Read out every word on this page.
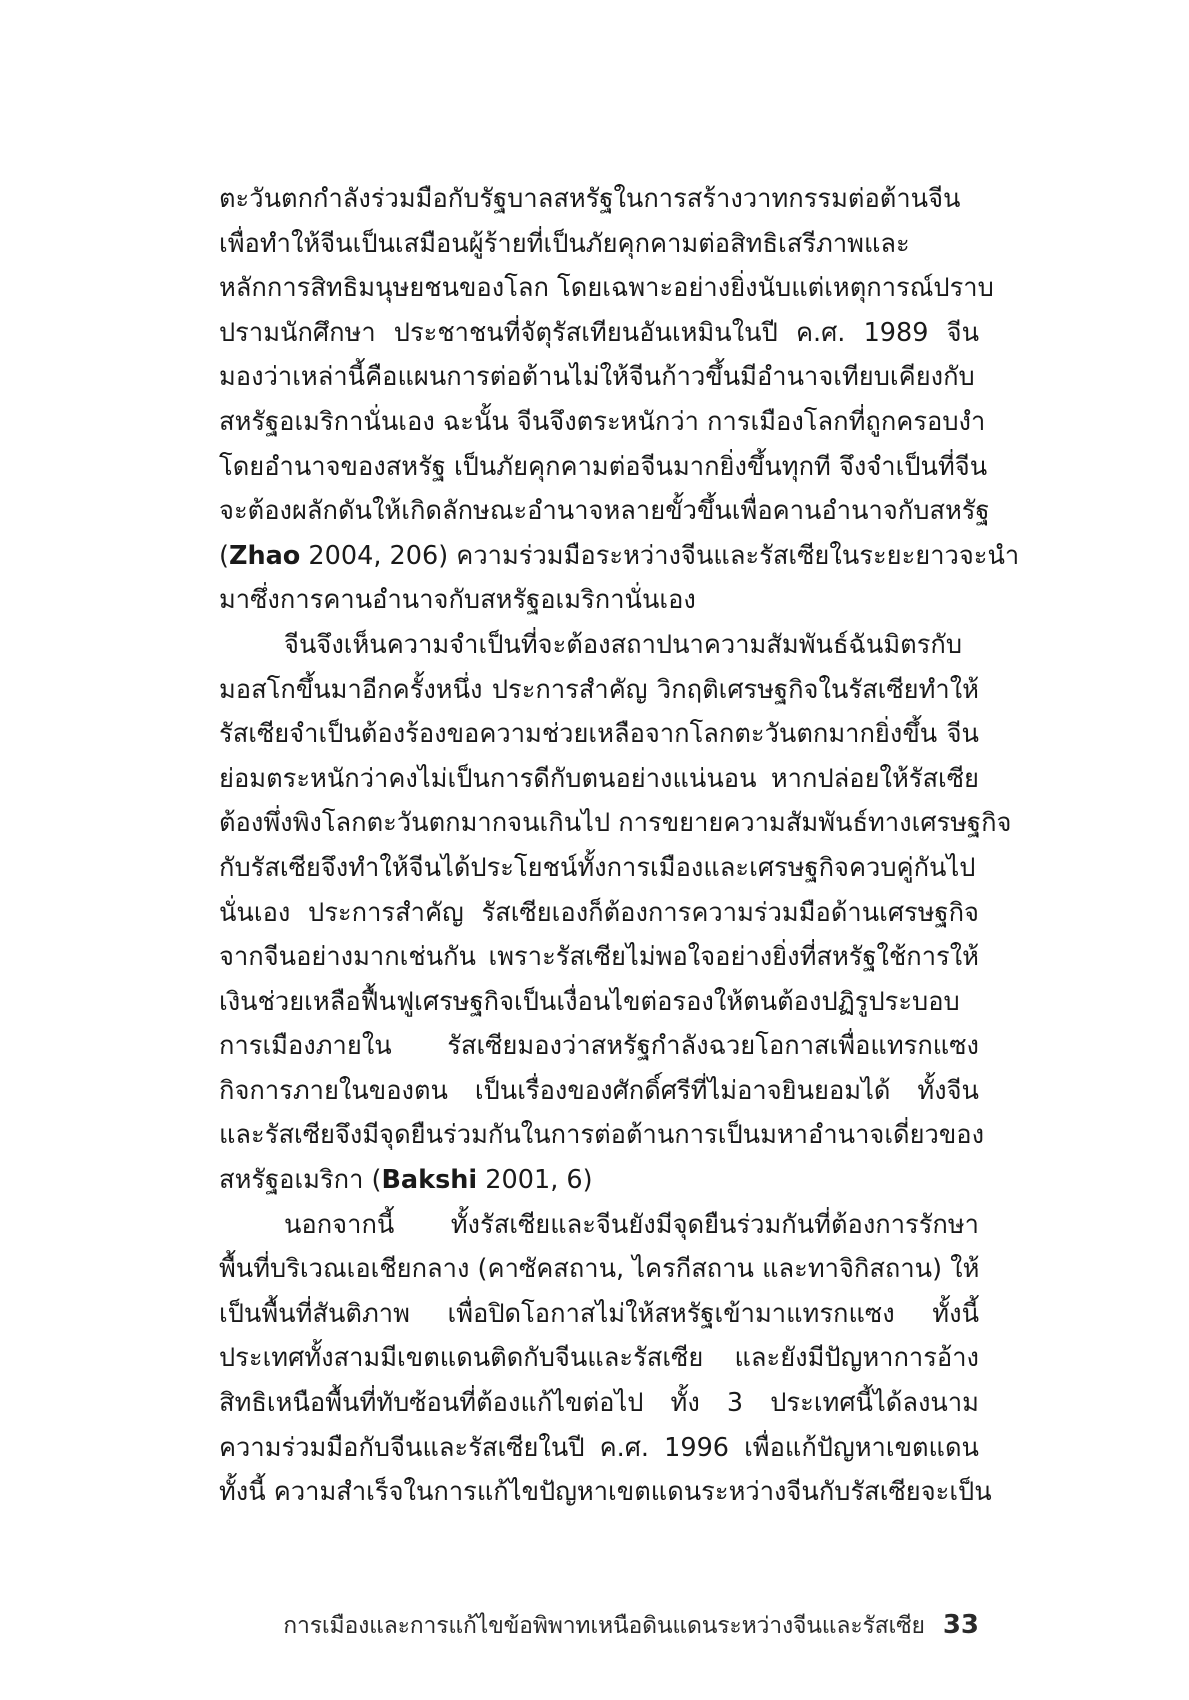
ตะวันตกกำลังร่วมมือกับรัฐบาลสหรัฐในการสร้างวาทกรรมต่อต้านจีน
เพื่อทำให้จีนเป็นเสมือนผู้ร้ายที่เป็นภัยคุกคามต่อสิทธิเสรีภาพและ
หลักการสิทธิมนุษยชนของโลก โดยเฉพาะอย่างยิ่งนับแต่เหตุการณ์ปราบ
ปรามนักศึกษา ประชาชนที่จัตุรัสเทียนอันเหมินในปี ค.ศ. 1989 จีน
มองว่าเหล่านี้คือแผนการต่อต้านไม่ให้จีนก้าวขึ้นมีอำนาจเทียบเคียงกับ
สหรัฐอเมริกานั่นเอง ฉะนั้น จีนจึงตระหนักว่า การเมืองโลกที่ถูกครอบงำ
โดยอำนาจของสหรัฐ เป็นภัยคุกคามต่อจีนมากยิ่งขึ้นทุกที จึงจำเป็นที่จีน
จะต้องผลักดันให้เกิดลักษณะอำนาจหลายขั้วขึ้นเพื่อคานอำนาจกับสหรัฐ
(Zhao 2004, 206) ความร่วมมือระหว่างจีนและรัสเซียในระยะยาวจะนำ
มาซึ่งการคานอำนาจกับสหรัฐอเมริกานั่นเอง
จีนจึงเห็นความจำเป็นที่จะต้องสถาปนาความสัมพันธ์ฉันมิตรกับ
มอสโกขึ้นมาอีกครั้งหนึ่ง ประการสำคัญ วิกฤติเศรษฐกิจในรัสเซียทำให้
รัสเซียจำเป็นต้องร้องขอความช่วยเหลือจากโลกตะวันตกมากยิ่งขึ้น จีน
ย่อมตระหนักว่าคงไม่เป็นการดีกับตนอย่างแน่นอน หากปล่อยให้รัสเซีย
ต้องพึ่งพิงโลกตะวันตกมากจนเกินไป การขยายความสัมพันธ์ทางเศรษฐกิจ
กับรัสเซียจึงทำให้จีนได้ประโยชน์ทั้งการเมืองและเศรษฐกิจควบคู่กันไป
นั่นเอง ประการสำคัญ รัสเซียเองก็ต้องการความร่วมมือด้านเศรษฐกิจ
จากจีนอย่างมากเช่นกัน เพราะรัสเซียไม่พอใจอย่างยิ่งที่สหรัฐใช้การให้
เงินช่วยเหลือฟื้นฟูเศรษฐกิจเป็นเงื่อนไขต่อรองให้ตนต้องปฏิรูประบอบ
การเมืองภายใน รัสเซียมองว่าสหรัฐกำลังฉวยโอกาสเพื่อแทรกแซง
กิจการภายในของตน เป็นเรื่องของศักดิ์ศรีที่ไม่อาจยินยอมได้ ทั้งจีน
และรัสเซียจึงมีจุดยืนร่วมกันในการต่อต้านการเป็นมหาอำนาจเดี่ยวของ
สหรัฐอเมริกา (Bakshi 2001, 6)
นอกจากนี้ ทั้งรัสเซียและจีนยังมีจุดยืนร่วมกันที่ต้องการรักษา
พื้นที่บริเวณเอเชียกลาง (คาซัคสถาน, ไครกีสถาน และทาจิกิสถาน) ให้
เป็นพื้นที่สันติภาพ เพื่อปิดโอกาสไม่ให้สหรัฐเข้ามาแทรกแซง ทั้งนี้
ประเทศทั้งสามมีเขตแดนติดกับจีนและรัสเซีย และยังมีปัญหาการอ้าง
สิทธิเหนือพื้นที่ทับซ้อนที่ต้องแก้ไขต่อไป ทั้ง 3 ประเทศนี้ได้ลงนาม
ความร่วมมือกับจีนและรัสเซียในปี ค.ศ. 1996 เพื่อแก้ปัญหาเขตแดน
ทั้งนี้ ความสำเร็จในการแก้ไขปัญหาเขตแดนระหว่างจีนกับรัสเซียจะเป็น
การเมืองและการแก้ไขข้อพิพาทเหนือดินแดนระหว่างจีนและรัสเซีย 33
